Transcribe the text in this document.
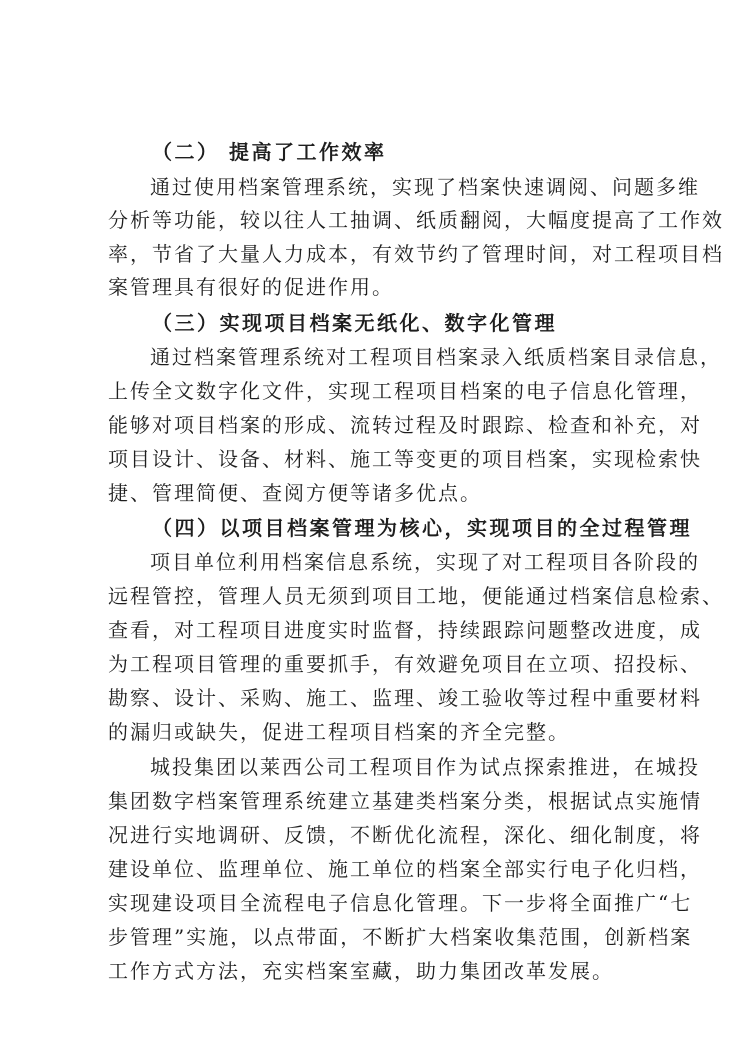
（二） 提高了工作效率
通过使用档案管理系统，实现了档案快速调阅、问题多维
分析等功能，较以往人工抽调、纸质翻阅，大幅度提高了工作效
率，节省了大量人力成本，有效节约了管理时间，对工程项目档
案管理具有很好的促进作用。
（三）实现项目档案无纸化、数字化管理
通过档案管理系统对工程项目档案录入纸质档案目录信息，
上传全文数字化文件，实现工程项目档案的电子信息化管理，
能够对项目档案的形成、流转过程及时跟踪、检查和补充，对
项目设计、设备、材料、施工等变更的项目档案，实现检索快
捷、管理简便、查阅方便等诸多优点。
（四）以项目档案管理为核心，实现项目的全过程管理
项目单位利用档案信息系统，实现了对工程项目各阶段的
远程管控，管理人员无须到项目工地，便能通过档案信息检索、
查看，对工程项目进度实时监督，持续跟踪问题整改进度，成
为工程项目管理的重要抓手，有效避免项目在立项、招投标、
勘察、设计、采购、施工、监理、竣工验收等过程中重要材料
的漏归或缺失，促进工程项目档案的齐全完整。
城投集团以莱西公司工程项目作为试点探索推进，在城投
集团数字档案管理系统建立基建类档案分类，根据试点实施情
况进行实地调研、反馈，不断优化流程，深化、细化制度，将
建设单位、监理单位、施工单位的档案全部实行电子化归档，
实现建设项目全流程电子信息化管理。下一步将全面推广“七
步管理”实施，以点带面，不断扩大档案收集范围，创新档案
工作方式方法，充实档案室藏，助力集团改革发展。
